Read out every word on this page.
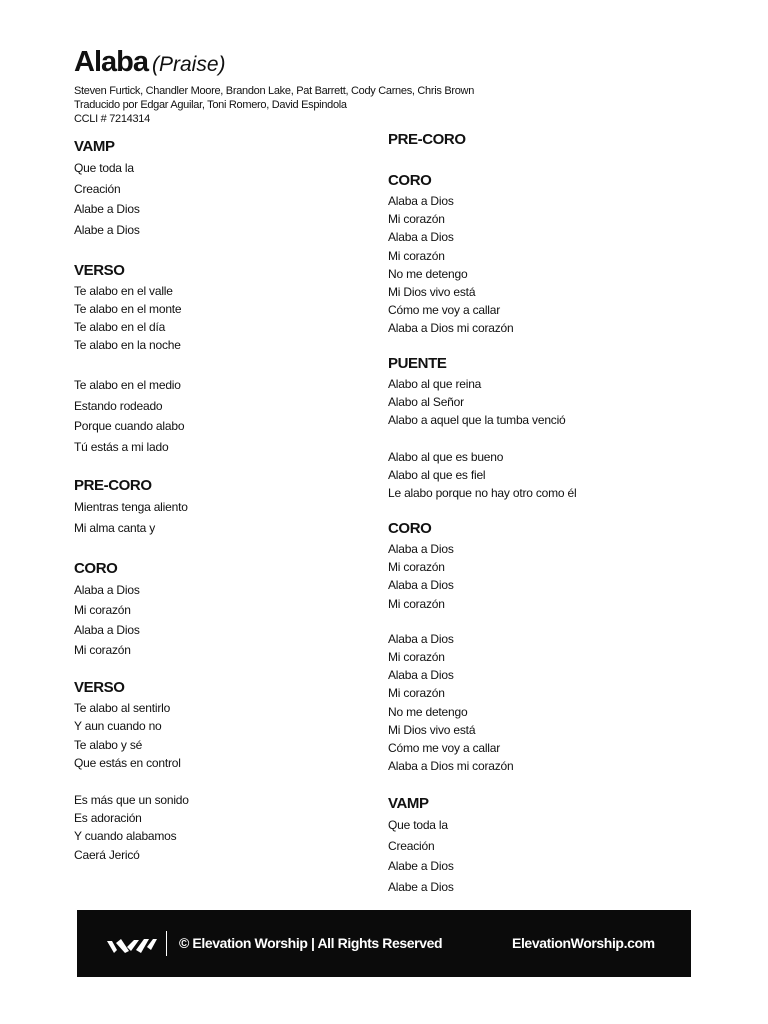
Alaba (Praise)
Steven Furtick, Chandler Moore, Brandon Lake, Pat Barrett, Cody Carnes, Chris Brown
Traducido por Edgar Aguilar, Toni Romero, David Espindola
CCLI # 7214314
VAMP
Que toda la
Creación
Alabe a Dios
Alabe a Dios
VERSO
Te alabo en el valle
Te alabo en el monte
Te alabo en el día
Te alabo en la noche
Te alabo en el medio
Estando rodeado
Porque cuando alabo
Tú estás a mi lado
PRE-CORO
Mientras tenga aliento
Mi alma canta y
CORO
Alaba a Dios
Mi corazón
Alaba a Dios
Mi corazón
VERSO
Te alabo al sentirlo
Y aun cuando no
Te alabo y sé
Que estás en control
Es más que un sonido
Es adoración
Y cuando alabamos
Caerá Jericó
PRE-CORO
CORO
Alaba a Dios
Mi corazón
Alaba a Dios
Mi corazón
No me detengo
Mi Dios vivo está
Cómo me voy a callar
Alaba a Dios mi corazón
PUENTE
Alabo al que reina
Alabo al Señor
Alabo a aquel que la tumba venció
Alabo al que es bueno
Alabo al que es fiel
Le alabo porque no hay otro como él
CORO
Alaba a Dios
Mi corazón
Alaba a Dios
Mi corazón
Alaba a Dios
Mi corazón
Alaba a Dios
Mi corazón
No me detengo
Mi Dios vivo está
Cómo me voy a callar
Alaba a Dios mi corazón
VAMP
Que toda la
Creación
Alabe a Dios
Alabe a Dios
© Elevation Worship | All Rights Reserved	ElevationWorship.com
